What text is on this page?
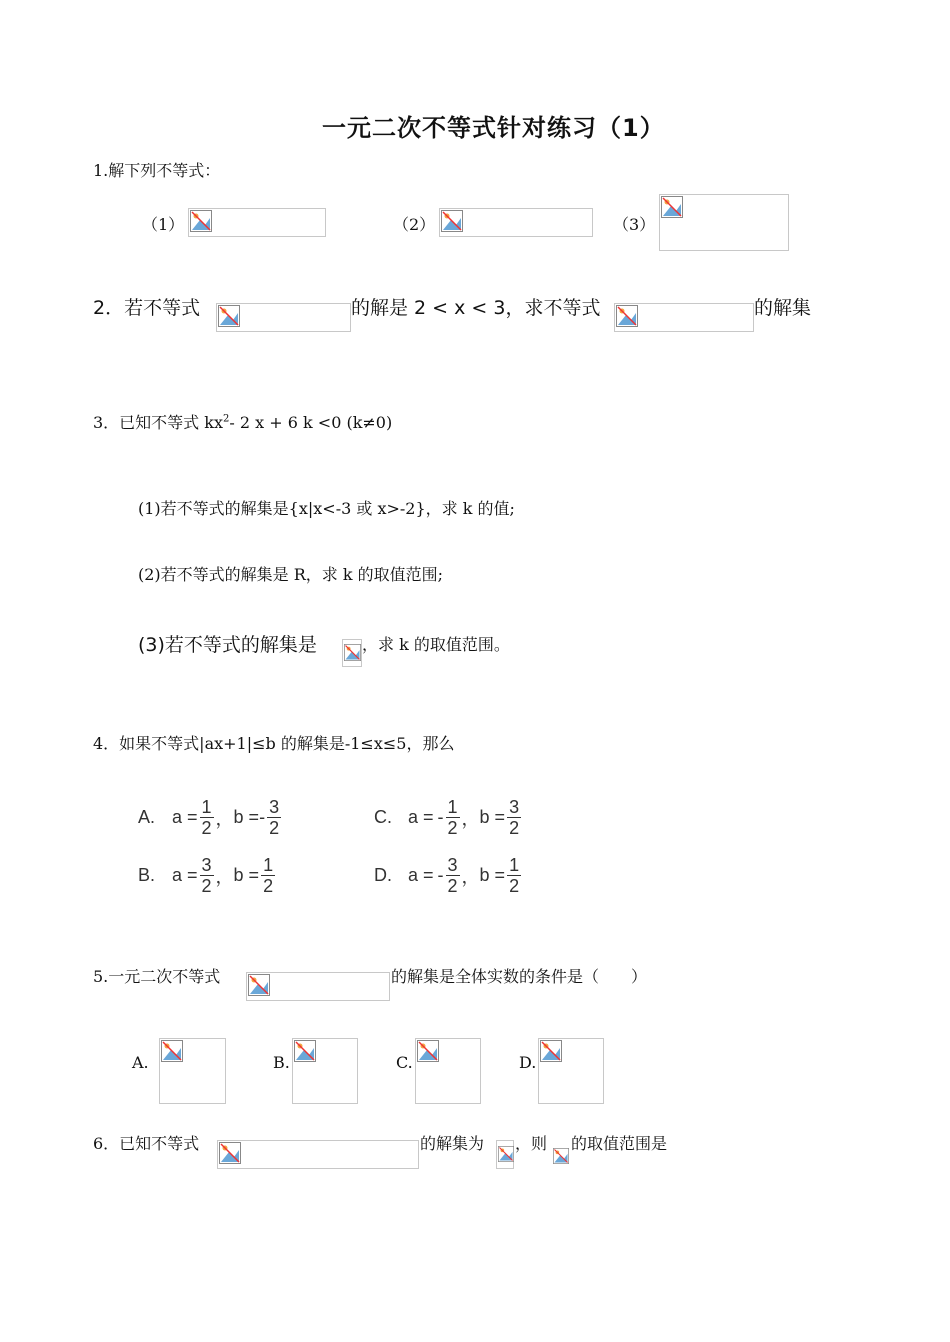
一元二次不等式针对练习（1）
1.解下列不等式：
（1）	（2）	（3）
2．若不等式	的解是 2 < x < 3，求不等式	的解集
3．已知不等式 $kx^2-$ 2 x + 6 k <0 (k≠0)
(1)若不等式的解集是{x|x<-3 或 x>-2}，求 k 的值;
(2)若不等式的解集是 R，求 k 的取值范围;
(3)若不等式的解集是	，求 k 的取值范围。
4．如果不等式|ax+1|≤b 的解集是-1≤x≤5，那么
A. $a = \frac{1}{2}$ ， b = - $\frac{3}{2}$	C. a = - $\frac{1}{2}$ ， $b = \frac{3}{2}$
B. $a = \frac{3}{2}$ ， $b = \frac{1}{2}$	D. a = - $\frac{3}{2}$ ， $b = \frac{1}{2}$
5.一元二次不等式	的解集是全体实数的条件是（　　）
A.	B.	C.	D.
6．已知不等式	的解集为 ，则 的取值范围是
